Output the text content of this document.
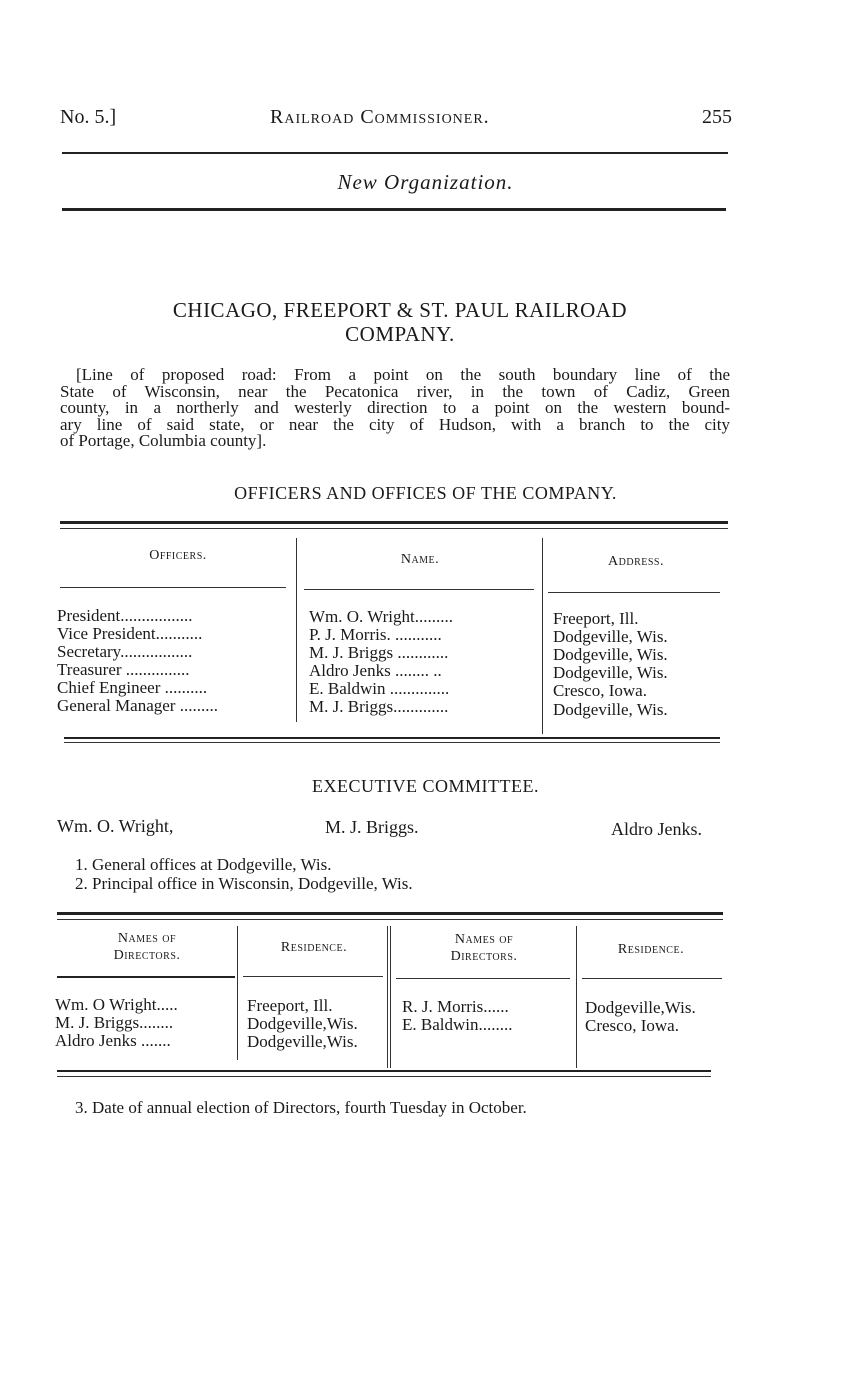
No. 5.]	Railroad Commissioner.	255
New Organization.
CHICAGO, FREEPORT & ST. PAUL RAILROAD
COMPANY.
[Line of proposed road: From a point on the south boundary line of the
State of Wisconsin, near the Pecatonica river, in the town of Cadiz, Green
county, in a northerly and westerly direction to a point on the western bound-
ary line of said state, or near the city of Hudson, with a branch to the city
of Portage, Columbia county].
OFFICERS AND OFFICES OF THE COMPANY.
Officers.	Name.	Address.
President.................	Wm. O. Wright.........	Freeport, Ill.
Vice President...........	P. J. Morris. ...........	Dodgeville, Wis.
Secretary.................	M. J. Briggs ............	Dodgeville, Wis.
Treasurer ...............	Aldro Jenks ........ ..	Dodgeville, Wis.
Chief Engineer ..........	E. Baldwin ..............	Cresco, Iowa.
General Manager .........	M. J. Briggs.............	Dodgeville, Wis.
EXECUTIVE COMMITTEE.
Wm. O. Wright,	M. J. Briggs.	Aldro Jenks.
1. General offices at Dodgeville, Wis.
2. Principal office in Wisconsin, Dodgeville, Wis.
Names of Directors.
Residence.
Names of Directors.	Residence.
Wm. O Wright.....	Freeport, Ill.
M. J. Briggs........	Dodgeville,Wis.
Aldro Jenks .......	Dodgeville,Wis.
R. J. Morris......	Dodgeville,Wis.
E. Baldwin........	Cresco, Iowa.
3. Date of annual election of Directors, fourth Tuesday in October.
